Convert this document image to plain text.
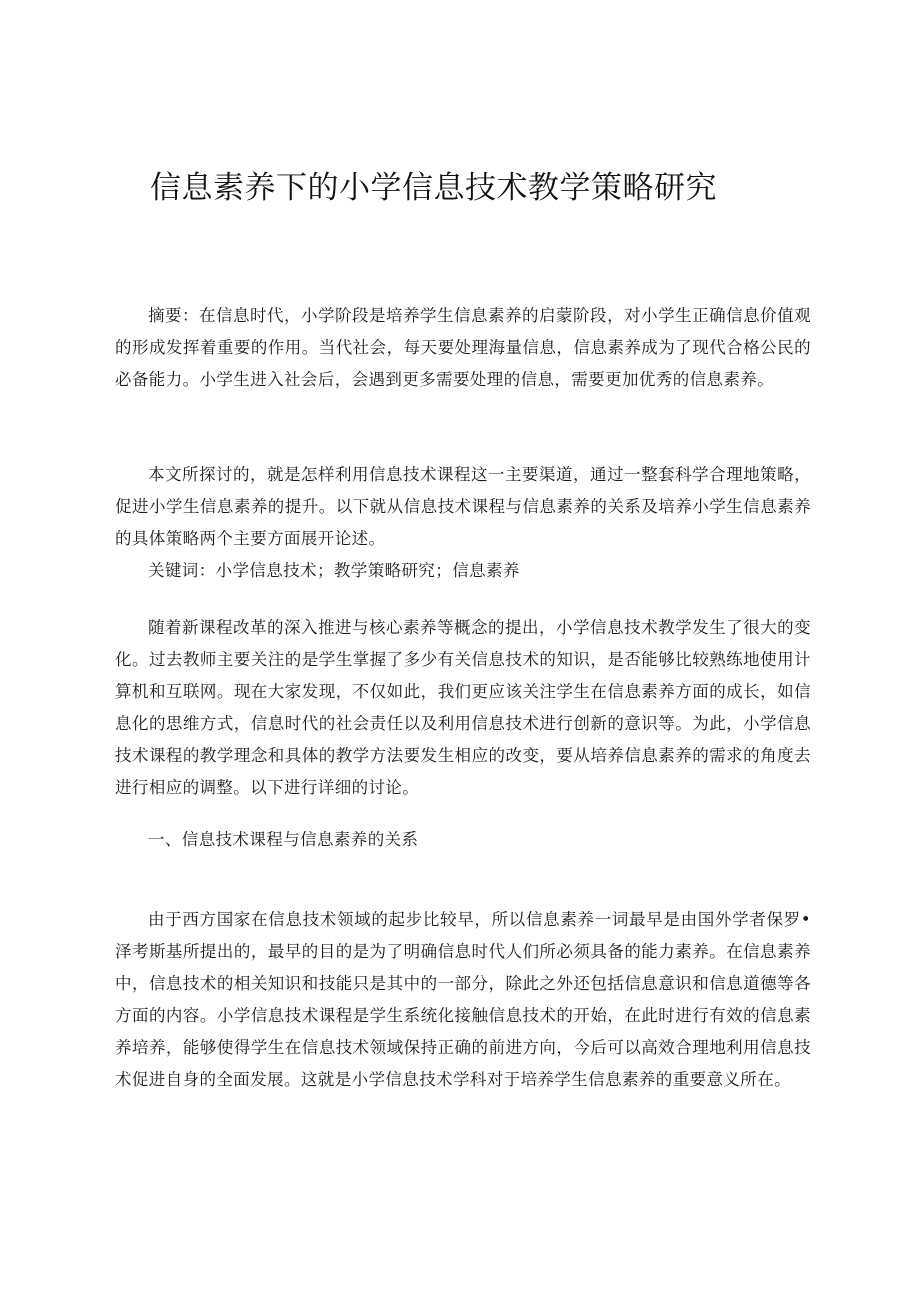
信息素养下的小学信息技术教学策略研究

摘要：在信息时代，小学阶段是培养学生信息素养的启蒙阶段，对小学生正确信息价值观的形成发挥着重要的作用。当代社会，每天要处理海量信息，信息素养成为了现代合格公民的必备能力。小学生进入社会后，会遇到更多需要处理的信息，需要更加优秀的信息素养。

本文所探讨的，就是怎样利用信息技术课程这一主要渠道，通过一整套科学合理地策略，促进小学生信息素养的提升。以下就从信息技术课程与信息素养的关系及培养小学生信息素养的具体策略两个主要方面展开论述。

关键词：小学信息技术；教学策略研究；信息素养

随着新课程改革的深入推进与核心素养等概念的提出，小学信息技术教学发生了很大的变化。过去教师主要关注的是学生掌握了多少有关信息技术的知识，是否能够比较熟练地使用计算机和互联网。现在大家发现，不仅如此，我们更应该关注学生在信息素养方面的成长，如信息化的思维方式，信息时代的社会责任以及利用信息技术进行创新的意识等。为此，小学信息技术课程的教学理念和具体的教学方法要发生相应的改变，要从培养信息素养的需求的角度去进行相应的调整。以下进行详细的讨论。

一、信息技术课程与信息素养的关系

由于西方国家在信息技术领域的起步比较早，所以信息素养一词最早是由国外学者保罗•泽考斯基所提出的，最早的目的是为了明确信息时代人们所必须具备的能力素养。在信息素养中，信息技术的相关知识和技能只是其中的一部分，除此之外还包括信息意识和信息道德等各方面的内容。小学信息技术课程是学生系统化接触信息技术的开始，在此时进行有效的信息素养培养，能够使得学生在信息技术领域保持正确的前进方向，今后可以高效合理地利用信息技术促进自身的全面发展。这就是小学信息技术学科对于培养学生信息素养的重要意义所在。
